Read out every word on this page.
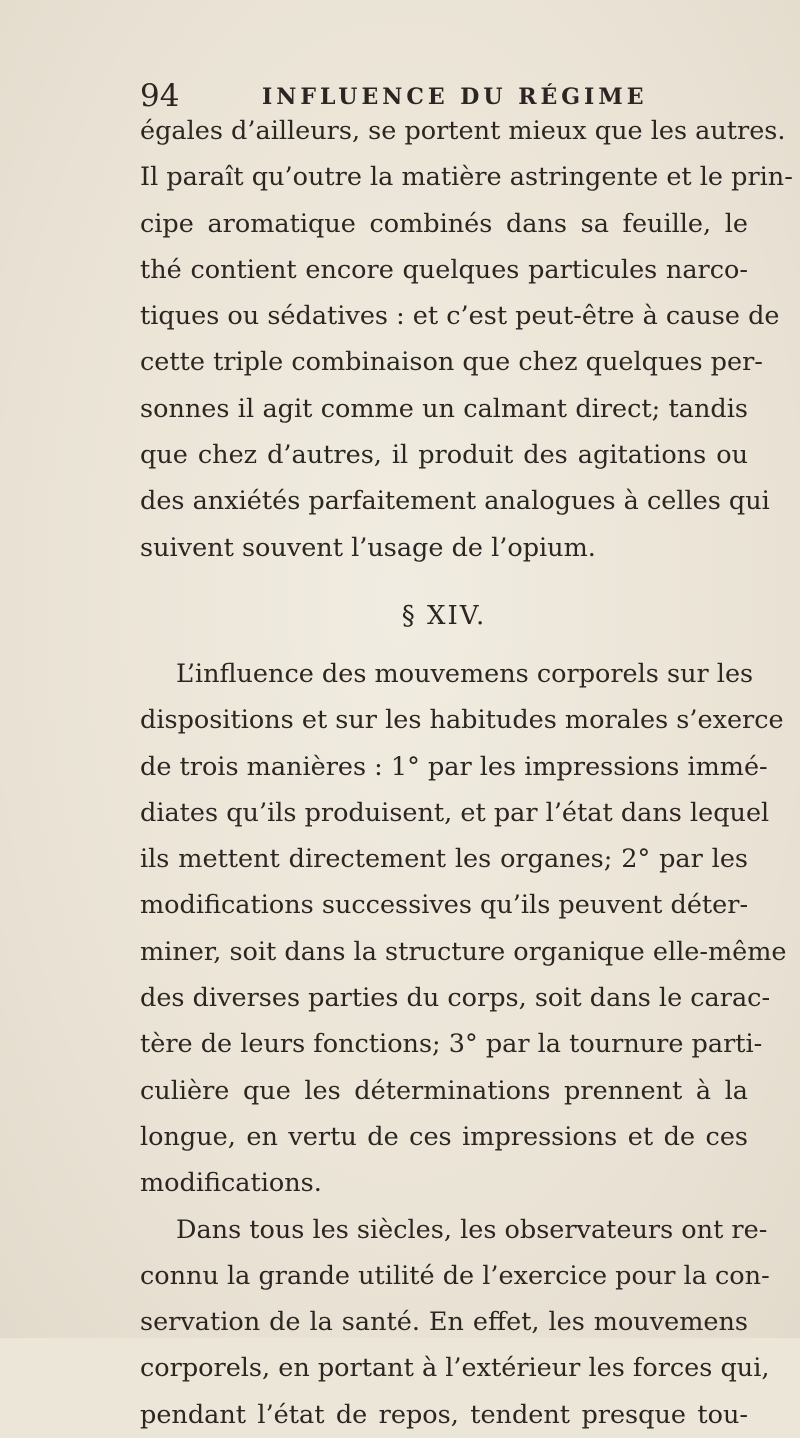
94	INFLUENCE DU RÉGIME
égales d’ailleurs, se portent mieux que les autres.
Il paraît qu’outre la matière astringente et le prin-
cipe aromatique combinés dans sa feuille, le
thé contient encore quelques particules narco-
tiques ou sédatives : et c’est peut-être à cause de
cette triple combinaison que chez quelques per-
sonnes il agit comme un calmant direct; tandis
que chez d’autres, il produit des agitations ou
des anxiétés parfaitement analogues à celles qui
suivent souvent l’usage de l’opium.
§ XIV.
L’influence des mouvemens corporels sur les
dispositions et sur les habitudes morales s’exerce
de trois manières : 1° par les impressions immé-
diates qu’ils produisent, et par l’état dans lequel
ils mettent directement les organes; 2° par les
modifications successives qu’ils peuvent déter-
miner, soit dans la structure organique elle-même
des diverses parties du corps, soit dans le carac-
tère de leurs fonctions; 3° par la tournure parti-
culière que les déterminations prennent à la
longue, en vertu de ces impressions et de ces
modifications.
Dans tous les siècles, les observateurs ont re-
connu la grande utilité de l’exercice pour la con-
servation de la santé. En effet, les mouvemens
corporels, en portant à l’extérieur les forces qui,
pendant l’état de repos, tendent presque tou-
